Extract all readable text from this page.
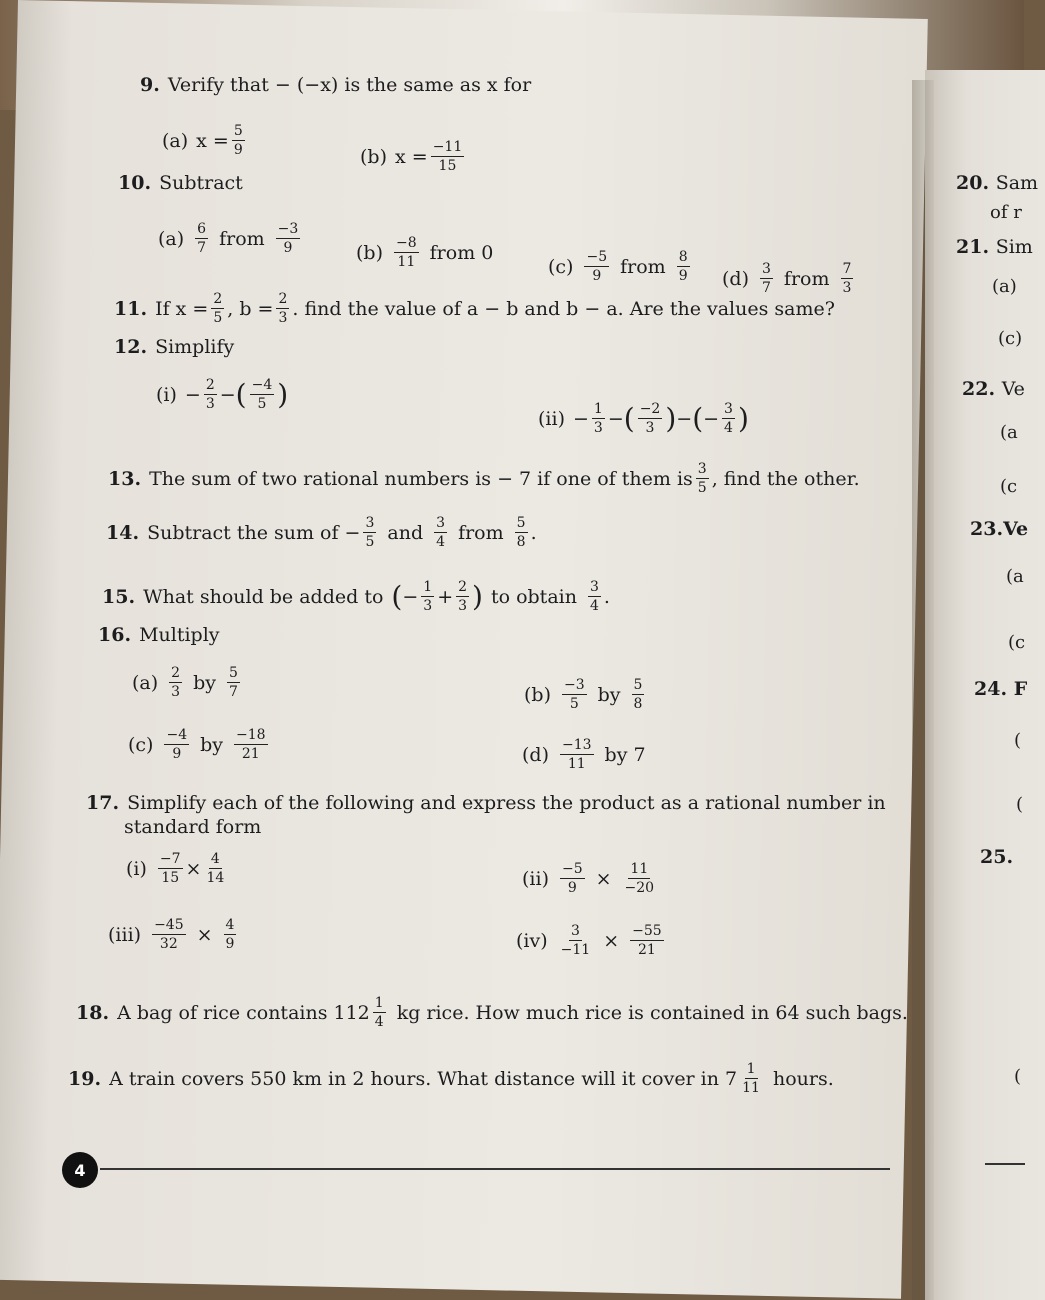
9. Verify that − (−x) is the same as x for
(a) $x = \frac{5}{9}$	(b) $x = \frac{-11}{15}$
10. Subtract
$(a) \frac{6}{7}$ from $\frac{-3}{9}$	$(b) \frac{-8}{11}$ from 0
$(c) \frac{-5}{9}$ from $\frac{8}{9} (d) \frac{3}{7}$ from $\frac{7}{3}$
11. If $x = \frac{2}{5}$ , $b = \frac{2}{3}$ . find the value of a − b and b − a. Are the values same?
12. Simplify
$(i) - \frac{2}{3}$ − ( $\frac{-4}{5}$ )
$(ii) - \frac{1}{3}$ − ( $\frac{-2}{3}$ ) − ( − $\frac{3}{4}$ )
13. The sum of two rational numbers is − 7 if one of them is $\frac{3}{5}$ , find the other.
14. Subtract the sum of − $\frac{3}{5}$ and $\frac{3}{4}$ from $\frac{5}{8}$ .
15. What should be added to ( − $\frac{1}{3} + \frac{2}{3}$ ) to obtain $\frac{3}{4}$ .
16. Multiply
$(a) \frac{2}{3}$ by $\frac{5}{7}$	$(b) \frac{-3}{5}$ by $\frac{5}{8}$
$(c) \frac{-4}{9}$ by $\frac{-18}{21}$	$(d) \frac{-13}{11}$ by 7
17. Simplify each of the following and express the product as a rational number in
standard form
$(i) \frac{-7}{15} \times \frac{4}{14}$	$(ii) \frac{-5}{9} \times \frac{11}{-20}$
$(iii) \frac{-45}{32} \times \frac{4}{9}$	$(iv) \frac{3}{-11} \times \frac{-55}{21}$
18. A bag of rice contains $112 \frac{1}{4}$ kg rice. How much rice is contained in 64 such bags.
19. A train covers 550 km in 2 hours. What distance will it cover in $7 \frac{1}{11}$ hours.
4
20. Sam
of r
21. Sim
(a)
(c)
22. Ve
(a
(c
23.Ve
(a
(c
24. F
(
(
25.
(
